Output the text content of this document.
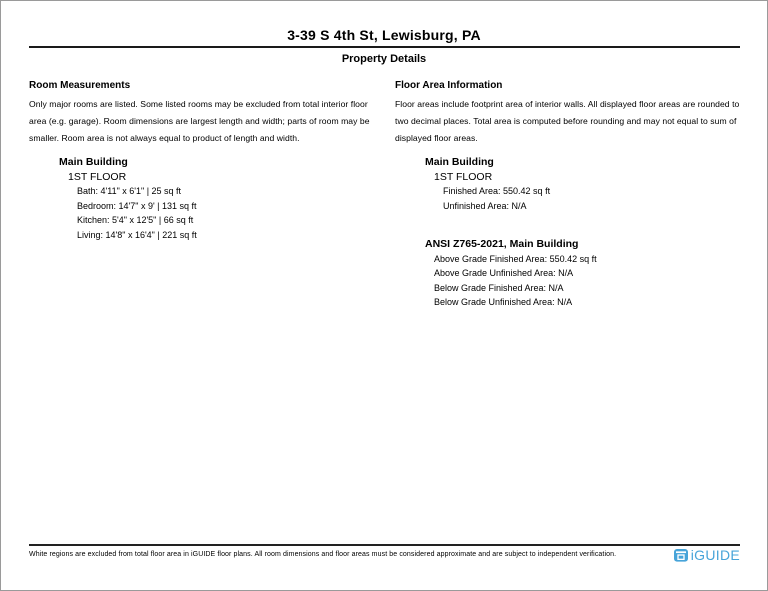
3-39 S 4th St, Lewisburg, PA
Property Details
Room Measurements

Only major rooms are listed. Some listed rooms may be excluded from total interior floor area (e.g. garage). Room dimensions are largest length and width; parts of room may be smaller. Room area is not always equal to product of length and width.

Main Building
1ST FLOOR
Bath: 4'11" x 6'1" | 25 sq ft
Bedroom: 14'7" x 9' | 131 sq ft
Kitchen: 5'4" x 12'5" | 66 sq ft
Living: 14'8" x 16'4" | 221 sq ft
Floor Area Information

Floor areas include footprint area of interior walls. All displayed floor areas are rounded to two decimal places. Total area is computed before rounding and may not equal to sum of displayed floor areas.

Main Building
1ST FLOOR
Finished Area: 550.42 sq ft
Unfinished Area: N/A
ANSI Z765-2021, Main Building
Above Grade Finished Area: 550.42 sq ft
Above Grade Unfinished Area: N/A
Below Grade Finished Area: N/A
Below Grade Unfinished Area: N/A

White regions are excluded from total floor area in iGUIDE floor plans. All room dimensions and floor areas must be considered approximate and are subject to independent verification.	iGUIDE
